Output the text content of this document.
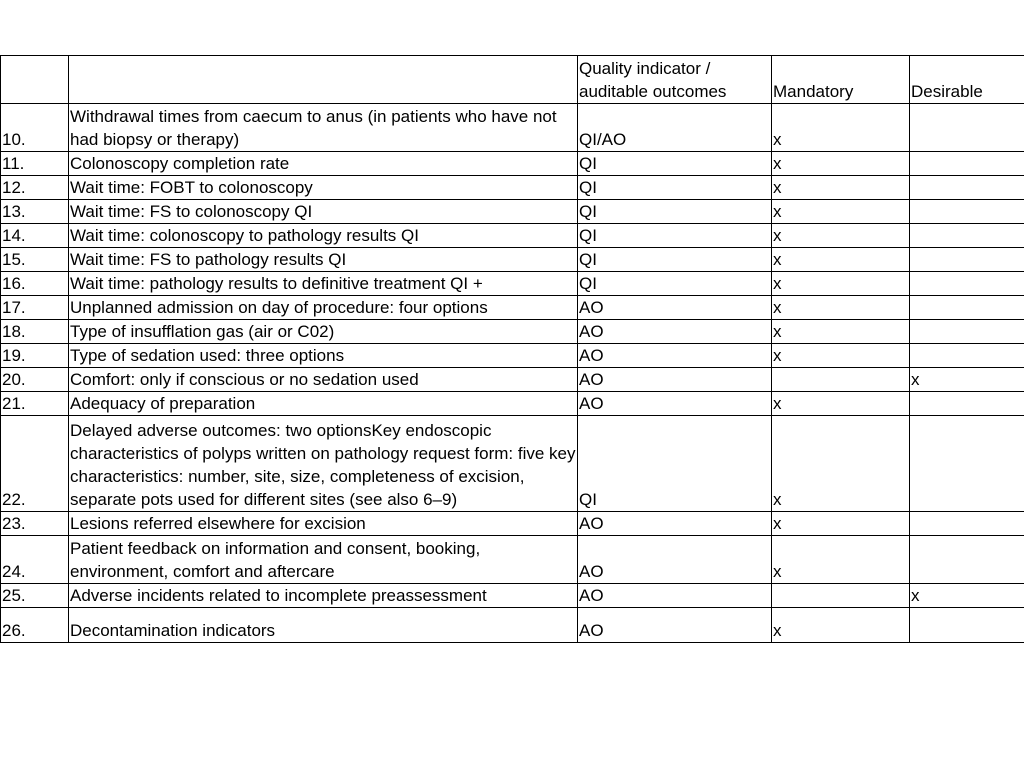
		Quality indicator /
auditable outcomes	Mandatory	Desirable
10.	Withdrawal times from caecum to anus (in patients who have not had biopsy or therapy)	QI/AO	x	
11.	Colonoscopy completion rate	QI	x	
12.	Wait time: FOBT to colonoscopy	QI	x	
13.	Wait time: FS to colonoscopy QI	QI	x	
14.	Wait time: colonoscopy to pathology results QI	QI	x	
15.	Wait time: FS to pathology results QI	QI	x	
16.	Wait time: pathology results to definitive treatment QI +	QI	x	
17.	Unplanned admission on day of procedure: four options	AO	x	
18.	Type of insufflation gas (air or C02)	AO	x	
19.	Type of sedation used: three options	AO	x	
20.	Comfort: only if conscious or no sedation used	AO		x
21.	Adequacy of preparation	AO	x	
22.	Delayed adverse outcomes: two optionsKey endoscopic characteristics of polyps written on pathology request form: five key characteristics: number, site, size, completeness of excision, separate pots used for different sites (see also 6–9)	QI	x	
23.	Lesions referred elsewhere for excision	AO	x	
24.	Patient feedback on information and consent, booking, environment, comfort and aftercare	AO	x	
25.	Adverse incidents related to incomplete preassessment	AO		x
26.	Decontamination indicators	AO	x	
